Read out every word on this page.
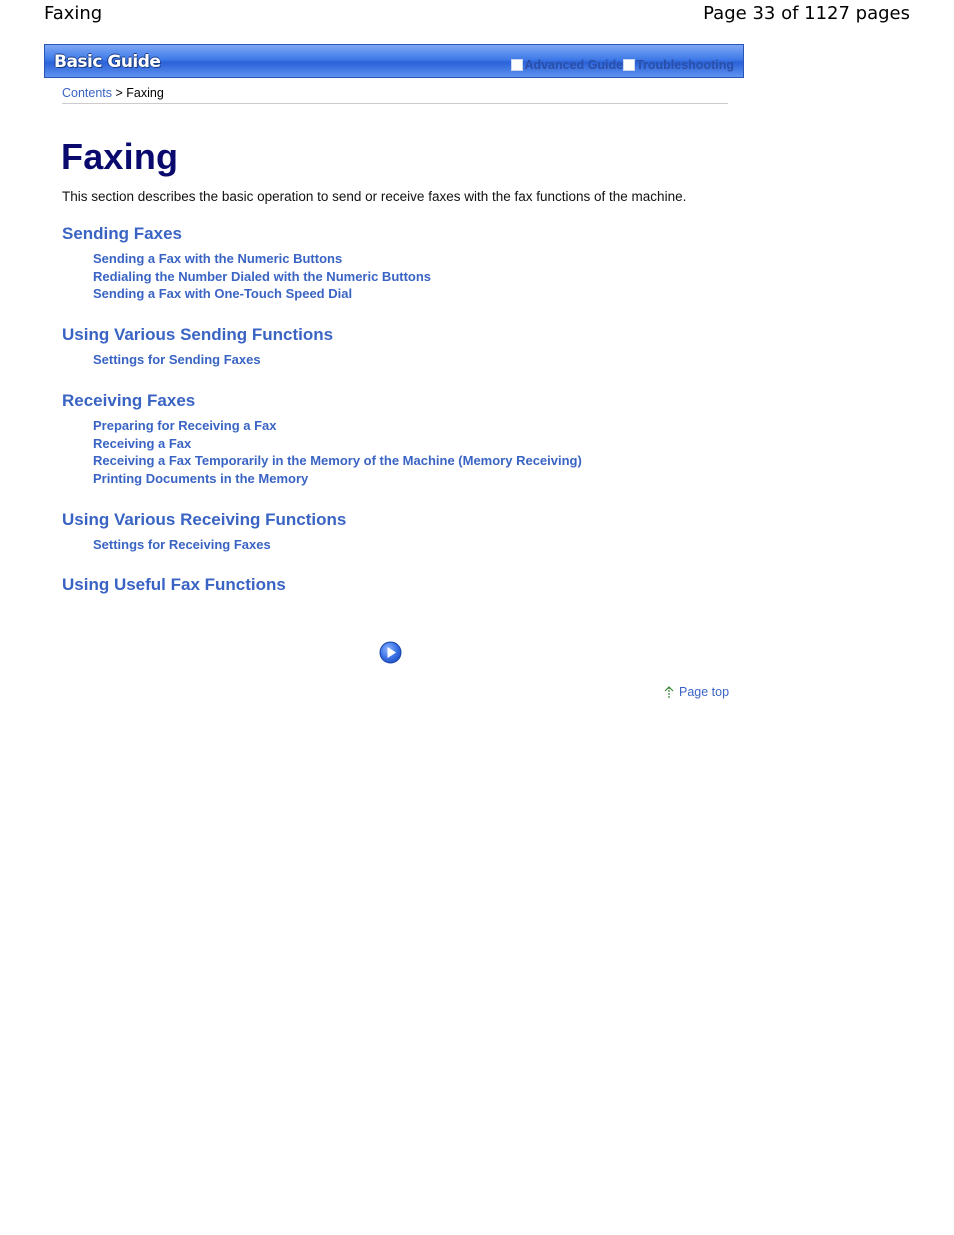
Faxing	Page 33 of 1127 pages
Basic Guide	Advanced Guide Troubleshooting
Contents > Faxing
Faxing

This section describes the basic operation to send or receive faxes with the fax functions of the machine.

Sending Faxes
Sending a Fax with the Numeric Buttons
Redialing the Number Dialed with the Numeric Buttons
Sending a Fax with One-Touch Speed Dial
Using Various Sending Functions
Settings for Sending Faxes
Receiving Faxes
Preparing for Receiving a Fax
Receiving a Fax
Receiving a Fax Temporarily in the Memory of the Machine (Memory Receiving)
Printing Documents in the Memory
Using Various Receiving Functions
Settings for Receiving Faxes
Using Useful Fax Functions
Page top
